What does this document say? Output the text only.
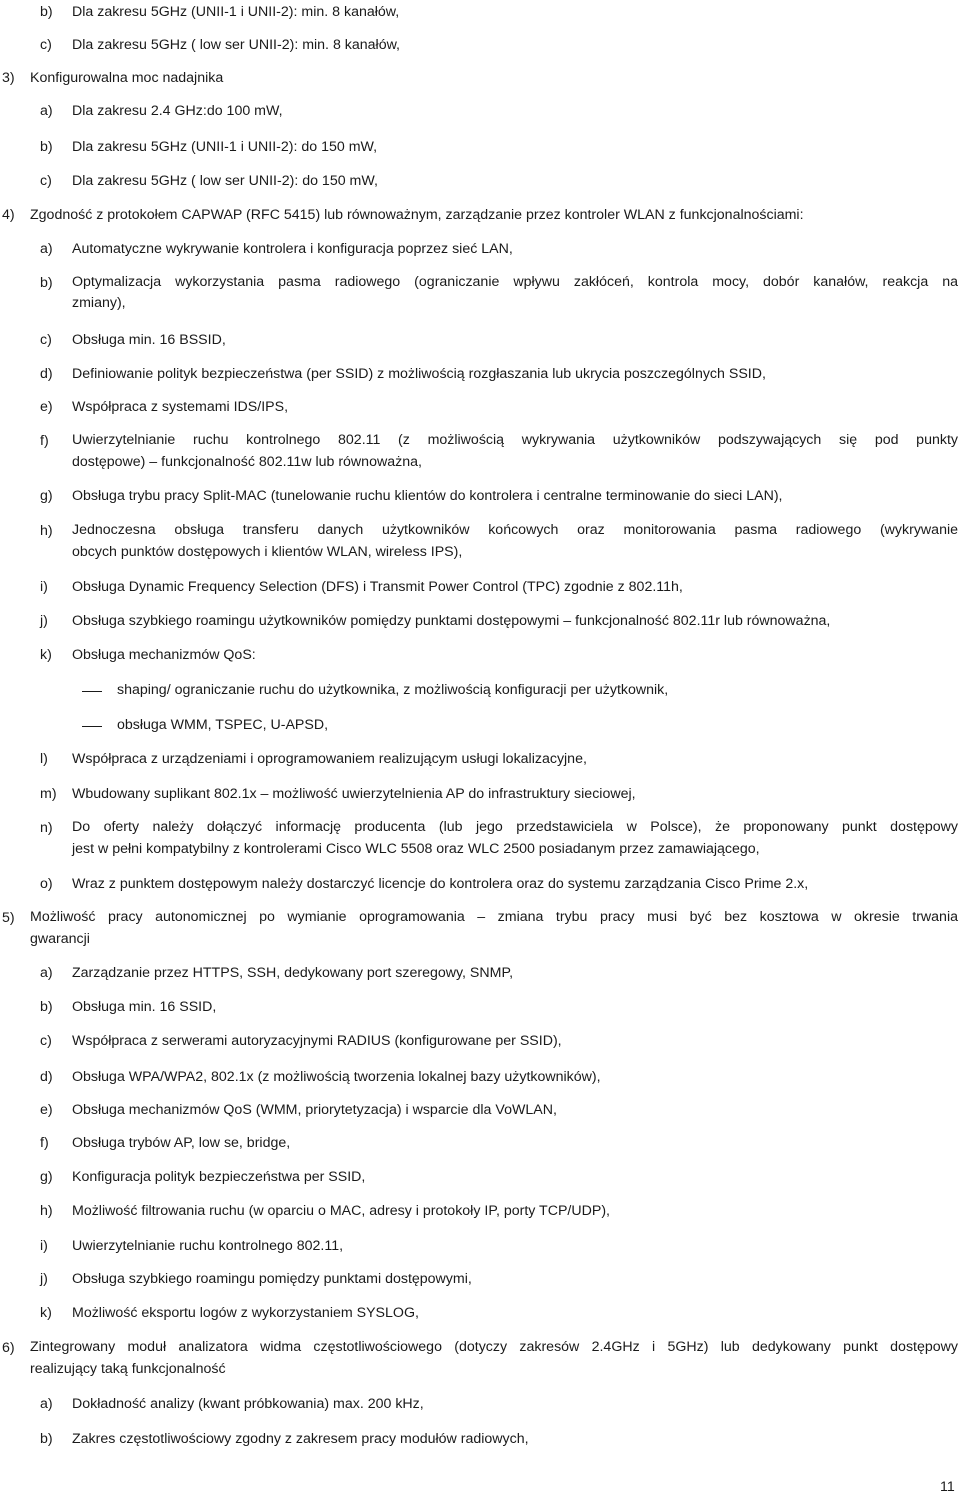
b) Dla zakresu 5GHz (UNII-1 i UNII-2): min. 8 kanałów,
c) Dla zakresu 5GHz ( low ser UNII-2): min. 8 kanałów,
3) Konfigurowalna moc nadajnika
a) Dla zakresu 2.4 GHz:do 100 mW,
b) Dla zakresu 5GHz (UNII-1 i UNII-2): do 150 mW,
c) Dla zakresu 5GHz ( low ser UNII-2): do 150 mW,
4) Zgodność z protokołem CAPWAP (RFC 5415) lub równoważnym, zarządzanie przez kontroler WLAN z funkcjonalnościami:
a) Automatyczne wykrywanie kontrolera i konfiguracja poprzez sieć LAN,
b) Optymalizacja wykorzystania pasma radiowego (ograniczanie wpływu zakłóceń, kontrola mocy, dobór kanałów, reakcja na
zmiany),
c) Obsługa min. 16 BSSID,
d) Definiowanie polityk bezpieczeństwa (per SSID) z możliwością rozgłaszania lub ukrycia poszczególnych SSID,
e) Współpraca z systemami IDS/IPS,
f) Uwierzytelnianie ruchu kontrolnego 802.11 (z możliwością wykrywania użytkowników podszywających się pod punkty
dostępowe) – funkcjonalność 802.11w lub równoważna,
g) Obsługa trybu pracy Split-MAC (tunelowanie ruchu klientów do kontrolera i centralne terminowanie do sieci LAN),
h) Jednoczesna obsługa transferu danych użytkowników końcowych oraz monitorowania pasma radiowego (wykrywanie
obcych punktów dostępowych i klientów WLAN, wireless IPS),
i) Obsługa Dynamic Frequency Selection (DFS) i Transmit Power Control (TPC) zgodnie z 802.11h,
j) Obsługa szybkiego roamingu użytkowników pomiędzy punktami dostępowymi – funkcjonalność 802.11r lub równoważna,
k) Obsługa mechanizmów QoS:
shaping/ ograniczanie ruchu do użytkownika, z możliwością konfiguracji per użytkownik,
obsługa WMM, TSPEC, U-APSD,
l) Współpraca z urządzeniami i oprogramowaniem realizującym usługi lokalizacyjne,
m) Wbudowany suplikant 802.1x – możliwość uwierzytelnienia AP do infrastruktury sieciowej,
n) Do oferty należy dołączyć informację producenta (lub jego przedstawiciela w Polsce), że proponowany punkt dostępowy
jest w pełni kompatybilny z kontrolerami Cisco WLC 5508 oraz WLC 2500 posiadanym przez zamawiającego,
o) Wraz z punktem dostępowym należy dostarczyć licencje do kontrolera oraz do systemu zarządzania Cisco Prime 2.x,
5) Możliwość pracy autonomicznej po wymianie oprogramowania – zmiana trybu pracy musi być bez kosztowa w okresie trwania
gwarancji
a) Zarządzanie przez HTTPS, SSH, dedykowany port szeregowy, SNMP,
b) Obsługa min. 16 SSID,
c) Współpraca z serwerami autoryzacyjnymi RADIUS (konfigurowane per SSID),
d) Obsługa WPA/WPA2, 802.1x (z możliwością tworzenia lokalnej bazy użytkowników),
e) Obsługa mechanizmów QoS (WMM, priorytetyzacja) i wsparcie dla VoWLAN,
f) Obsługa trybów AP, low se, bridge,
g) Konfiguracja polityk bezpieczeństwa per SSID,
h) Możliwość filtrowania ruchu (w oparciu o MAC, adresy i protokoły IP, porty TCP/UDP),
i) Uwierzytelnianie ruchu kontrolnego 802.11,
j) Obsługa szybkiego roamingu pomiędzy punktami dostępowymi,
k) Możliwość eksportu logów z wykorzystaniem SYSLOG,
6) Zintegrowany moduł analizatora widma częstotliwościowego (dotyczy zakresów 2.4GHz i 5GHz) lub dedykowany punkt dostępowy
realizujący taką funkcjonalność
a) Dokładność analizy (kwant próbkowania) max. 200 kHz,
b) Zakres częstotliwościowy zgodny z zakresem pracy modułów radiowych,
11
